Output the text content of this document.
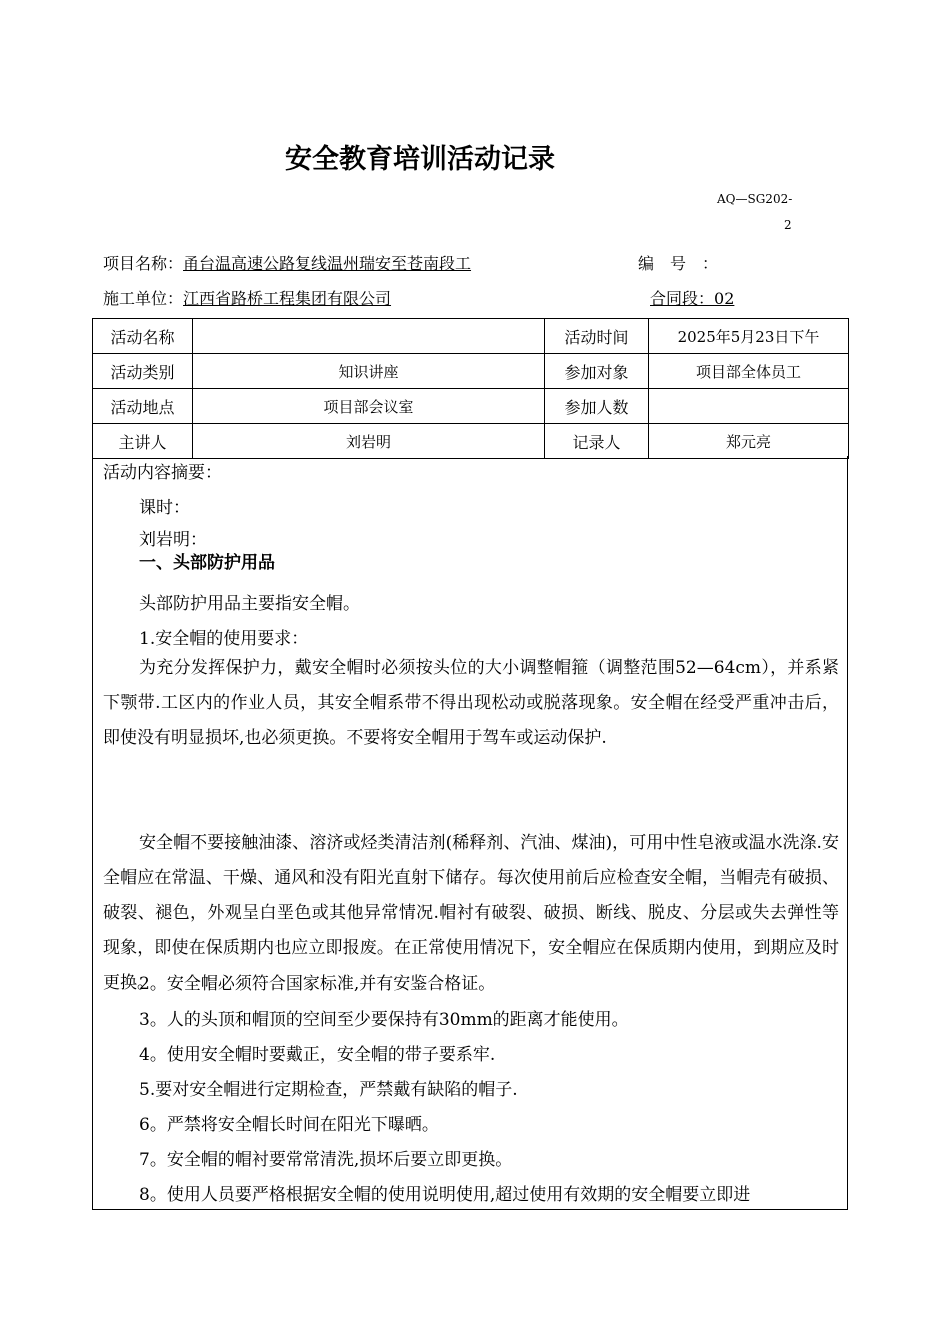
安全教育培训活动记录
AQ—SG202-
2
项目名称：甬台温高速公路复线温州瑞安至苍南段工	编　号　：
施工单位：江西省路桥工程集团有限公司	合同段：02
活动名称		活动时间	2025年5月23日下午
活动类别	知识讲座	参加对象	项目部全体员工
活动地点	项目部会议室	参加人数	
主讲人	刘岩明	记录人	郑元亮
活动内容摘要：
课时：
刘岩明：
一、头部防护用品
头部防护用品主要指安全帽。
1.安全帽的使用要求：
为充分发挥保护力，戴安全帽时必须按头位的大小调整帽箍（调整范围52—64cm），并系紧下颚带.工区内的作业人员，其安全帽系带不得出现松动或脱落现象。安全帽在经受严重冲击后，即使没有明显损坏,也必须更换。不要将安全帽用于驾车或运动保护.
安全帽不要接触油漆、溶济或烃类清洁剂(稀释剂、汽油、煤油)，可用中性皂液或温水洗涤.安全帽应在常温、干燥、通风和没有阳光直射下储存。每次使用前后应检查安全帽，当帽壳有破损、破裂、褪色，外观呈白垩色或其他异常情况.帽衬有破裂、破损、断线、脱皮、分层或失去弹性等现象，即使在保质期内也应立即报废。在正常使用情况下，安全帽应在保质期内使用，到期应及时更换。
2。安全帽必须符合国家标准,并有安鉴合格证。
3。人的头顶和帽顶的空间至少要保持有30mm的距离才能使用。
4。使用安全帽时要戴正，安全帽的带子要系牢.
5.要对安全帽进行定期检查，严禁戴有缺陷的帽子.
6。严禁将安全帽长时间在阳光下曝晒。
7。安全帽的帽衬要常常清洗,损坏后要立即更换。
8。使用人员要严格根据安全帽的使用说明使用,超过使用有效期的安全帽要立即进
